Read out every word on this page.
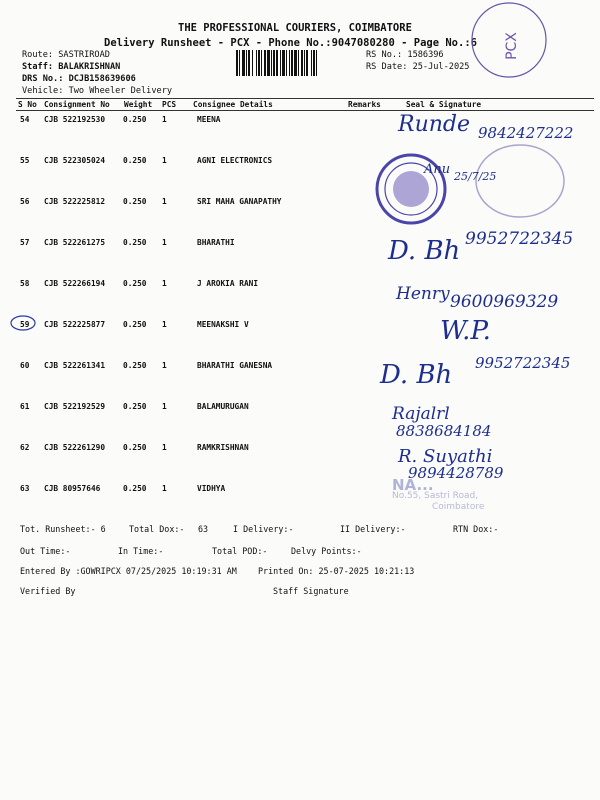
THE PROFESSIONAL COURIERS, COIMBATORE
Delivery Runsheet - PCX - Phone No.:9047080280 - Page No.:6
Route: SASTRIROAD
Staff: BALAKRISHNAN
DRS No.: DCJB158639606
Vehicle: Two Wheeler Delivery
RS No.: 1586396
RS Date: 25-Jul-2025
PCX
S No Consignment No Weight PCS Consignee Details	Remarks	Seal & Signature
54 CJB 522192530 0.250 1	MEENA
55 CJB 522305024 0.250 1	AGNI ELECTRONICS
56 CJB 522225812 0.250 1	SRI MAHA GANAPATHY
57 CJB 522261275 0.250 1	BHARATHI
58 CJB 522266194 0.250 1	J AROKIA RANI
59 CJB 522225877 0.250 1	MEENAKSHI V
60 CJB 522261341 0.250 1	BHARATHI GANESNA
61 CJB 522192529 0.250 1	BALAMURUGAN
62 CJB 522261290 0.250 1	RAMKRISHNAN
63 CJB 80957646	0.250 1	VIDHYA
Runde 9842427222
Anu 25/7/25
D. Bh 9952722345
Henry 9600969329
W.P.
D. Bh 9952722345
Rajalrl
8838684184
R. Suyathi
9894428789
NA...
No.55, Sastri Road,
Coimbatore
Tot. Runsheet:- 6	Total Dox:- 63	I Delivery:-	II Delivery:-	RTN Dox:-
Out Time:-	In Time:-	Total POD:-	Delvy Points:-
Entered By :GOWRIPCX 07/25/2025 10:19:31 AM	Printed On: 25-07-2025 10:21:13
Verified By	Staff Signature
